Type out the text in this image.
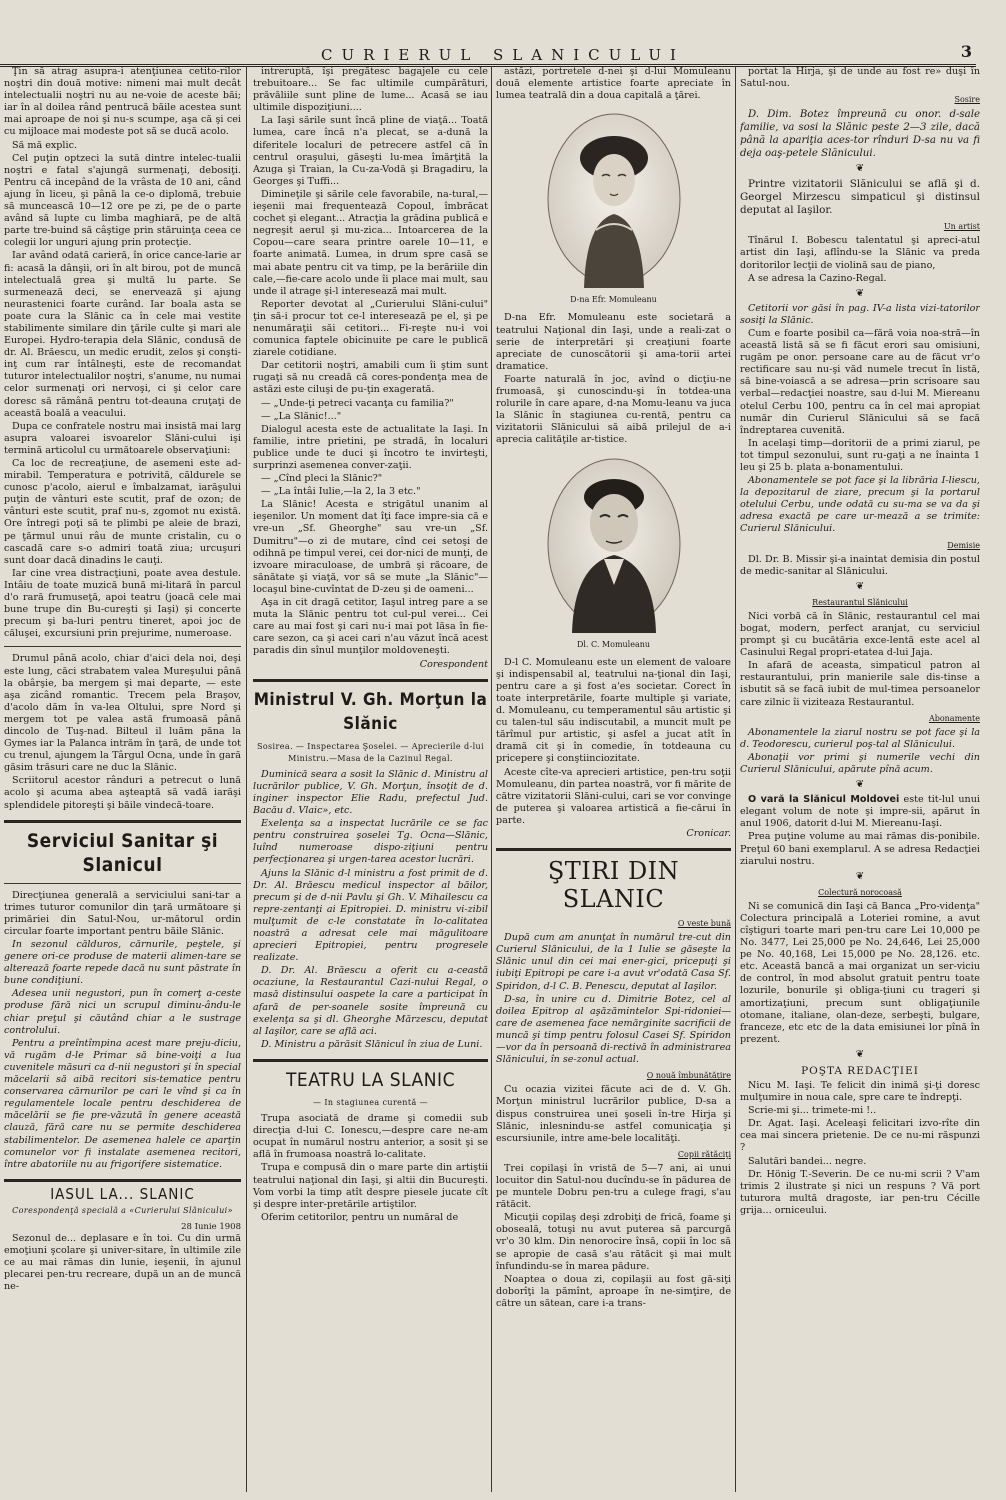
CURIERUL SLANICULUI	3

Ţin să atrag asupra-i atenţiunea cetito-rilor noştri din două motive: nimeni mai mult decât intelectualii noştri nu au ne-voie de aceste băi; iar în al doilea rând pentrucă băile acestea sunt mai aproape de noi şi nu-s scumpe, aşa că şi cei cu mijloace mai modeste pot să se ducă acolo.

Să mă explic.

Cel puţin optzeci la sută dintre intelec-tualii noştri e fatal s'ajungă surmenaţi, debosiţi. Pentru că incepând de la vrâsta de 10 ani, când ajung în liceu, şi până la ce-o diplomă, trebuie să muncească 10—12 ore pe zi, pe de o parte având să lupte cu limba maghiară, pe de altă parte tre-buind să câştige prin stăruinţa ceea ce colegii lor unguri ajung prin protecţie.

Iar având odată carieră, în orice cance-larie ar fi: acasă la dânşii, ori în alt birou, pot de muncă intelectuală grea şi multă lu parte. Se surmenează deci, se enervează şi ajung neurastenici foarte curând. Iar boala asta se poate cura la Slănic ca în cele mai vestite stabilimente similare din ţările culte şi mari ale Europei. Hydro-terapia dela Slănic, condusă de dr. Al. Brăescu, un medic erudit, zelos şi conşti-inţ cum rar întâlneşti, este de recomandat tuturor intelectualilor noştri, s'anume, nu numai celor surmenaţi ori nervoşi, ci şi celor care doresc să rămână pentru tot-deauna cruţaţi de această boală a veacului.

Dupa ce confratele nostru mai insistă mai larg asupra valoarei isvoarelor Slăni-cului işi termină articolul cu următoarele observaţiuni:

Ca loc de recreaţiune, de asemeni este ad-mirabil. Temperatura e potrivită, căldurele se cunosc p'acolo, aierul e îmbalzamat, iarăşului puţin de vânturi este scutit, praf de ozon; de vânturi este scutit, praf nu-s, zgomot nu există. Ore întregi poţi să te plimbi pe aleie de brazi, pe ţărmul unui râu de munte cristalin, cu o cascadă care s-o admiri toată ziua; urcuşuri sunt doar dacă dinadins le cauţi.

Iar cine vrea distracţiuni, poate avea destule. Intâiu de toate muzică bună mi-litară în parcul d'o rară frumuseţă, apoi teatru (joacă cele mai bune trupe din Bu-cureşti şi Iaşi) şi concerte precum şi ba-luri pentru tineret, apoi joc de căluşei, excursiuni prin prejurime, numeroase.

Drumul până acolo, chiar d'aici dela noi, deşi este lung, căci strabatem valea Mureşului până la obârşie, ba mergem şi mai departe, — este aşa zicând romantic. Trecem pela Braşov, d'acolo dăm în va-lea Oltului, spre Nord şi mergem tot pe valea astă frumoasă până dincolo de Tuş-nad. Bilteul il luăm păna la Gymes iar la Palanca intrăm în ţară, de unde tot cu trenul, ajungem la Târgul Ocna, unde în gară găsim trăsuri care ne duc la Slănic.

Scriitorul acestor rânduri a petrecut o lună acolo şi acuma abea aşteaptă să vadă iarăşi splendidele pitoreşti şi băile vindecă-toare.

Serviciul Sanitar şi Slanicul

Direcţiunea generală a serviciului sani-tar a trimes tuturor comunilor din ţară următoare şi primăriei din Satul-Nou, ur-mătorul ordin circular foarte important pentru băile Slănic.

In sezonul călduros, cărnurile, peştele, şi genere ori-ce produse de materii alimen-tare se alterează foarte repede dacă nu sunt păstrate în bune condiţiuni.

Adesea unii negustori, pun în comerţ a-ceste produse fără nici un scrupul diminu-ându-le chiar preţul şi căutând chiar a le sustrage controlului.

Pentru a preîntîmpina acest mare preju-diciu, vă rugăm d-le Primar să bine-voiţi a lua cuvenitele măsuri ca d-nii negustori şi în special măcelarii să aibă recitori sis-tematice pentru conservarea cărnurilor pe cari le vînd şi ca în regulamentele locale pentru deschiderea de măcelării se fie pre-văzută în genere această clauză, fără care nu se permite deschiderea stabilimentelor. De asemenea halele ce aparţin comunelor vor fi instalate asemenea recitori, între abatoriile nu au frigorifere sistematice.

IASUL LA... SLANIC
Corespondenţă specială a «Curierului Slănicului»
28 Iunie 1908

Sezonul de... deplasare e în toi. Cu din urmă emoţiuni şcolare şi univer-sitare, în ultimile zile ce au mai rămas din lunie, ieşenii, în ajunul plecarei pen-tru recreare, după un an de muncă ne-

intreruptă, îşi pregătesc bagajele cu cele trebuitoare... Se fac ultimile cumpărături, prăvăliile sunt pline de lume... Acasă se iau ultimile dispoziţiuni....

La Iaşi sările sunt încă pline de viaţă... Toată lumea, care încă n'a plecat, se a-dună la diferitele localuri de petrecere astfel că în centrul oraşului, găseşti lu-mea îmărţită la Azuga şi Traian, la Cu-za-Vodă şi Bragadiru, la Georges şi Tuffi...

Dimineţile şi sările cele favorabile, na-tural,—ieşenii mai frequentează Copoul, îmbrăcat cochet şi elegant... Atracţia la grădina publică e negreşit aerul şi mu-zica... Intoarcerea de la Copou—care seara printre oarele 10—11, e foarte animată. Lumea, in drum spre casă se mai abate pentru cit va timp, pe la berăriile din cale,—fie-care acolo unde îi place mai mult, sau unde il atrage şi-l interesează mai mult.

Reporter devotat al „Curierului Slăni-cului" ţin să-i procur tot ce-l interesează pe el, şi pe nenumăraţii săi cetitori... Fi-reşte nu-i voi comunica faptele obicinuite pe care le publică ziarele cotidiane.

Dar cetitorii noştri, amabili cum îi ştim sunt rugaţi să nu creadă că cores-pondenţa mea de astăzi este ciluşi de pu-ţin exagerată.

— „Unde-ţi petreci vacanţa cu familia?"

— „La Slănic!..."

Dialogul acesta este de actualitate la Iaşi. In familie, intre prietini, pe stradă, în localuri publice unde te duci şi încotro te invirteşti, surprinzi asemenea conver-zaţii.

— „Cînd pleci la Slănic?"

— „La întâi Iulie,—la 2, la 3 etc."

La Slănic! Acesta e strigătul unanim al ieşenilor. Un moment dat îţi face impre-sia că e vre-un „Sf. Gheorghe" sau vre-un „Sf. Dumitru"—o zi de mutare, cînd cei setoşi de odihnă pe timpul verei, cei dor-nici de munţi, de izvoare miraculoase, de umbră şi răcoare, de sănătate şi viaţă, vor să se mute „la Slănic"—locaşul bine-cuvîntat de D-zeu şi de oameni...

Aşa in cit dragă cetitor, Iaşul intreg pare a se muta la Slănic pentru tot cul-pul verei... Cei care au mai fost şi cari nu-i mai pot lăsa în fie-care sezon, ca şi acei cari n'au văzut încă acest paradis din sînul munţilor moldoveneşti.

Corespondent
Ministrul V. Gh. Morţun la Slănic
Sosirea. — Inspectarea Şoselei. — Aprecierile d-lui Ministru.—Masa de la Cazinul Regal.

Duminică seara a sosit la Slănic d. Ministru al lucrărilor publice, V. Gh. Morţun, însoţit de d. inginer inspector Elie Radu, prefectul Jud. Bacău d. Vlaic», etc.

Exelenţa sa a inspectat lucrările ce se fac pentru construirea şoselei Tg. Ocna—Slănic, luînd numeroase dispo-ziţiuni pentru perfecţionarea şi urgen-tarea acestor lucrări.

Ajuns la Slănic d-l ministru a fost primit de d. Dr. Al. Brăescu medicul inspector al băilor, precum şi de d-nii Pavlu şi Gh. V. Mihailescu ca repre-zentanţi ai Epitropiei. D. ministru vi-zibil mulţumit de c-le constatate în lo-calitatea noastră a adresat cele mai măgulitoare aprecieri Epitropiei, pentru progresele realizate.

D. Dr. Al. Brăescu a oferit cu a-ceastă ocaziune, la Restaurantul Cazi-nului Regal, o masă distinsului oaspete la care a participat în afară de per-soanele sosite împreună cu exelenţa sa şi dl. Gheorghe Mărzescu, deputat al Iaşilor, care se află aci.

D. Ministru a părăsit Slănicul în ziua de Luni.

TEATRU LA SLANIC
— In stagiunea curentă —

Trupa asociată de drame şi comedii sub direcţia d-lui C. Ionescu,—despre care ne-am ocupat în numărul nostru anterior, a sosit şi se află în frumoasa noastră lo-calitate.

Trupa e compusă din o mare parte din artiştii teatrului naţional din Iaşi, şi altii din Bucureşti. Vom vorbi la timp atît despre piesele jucate cît şi despre inter-pretările artiştilor.

Oferim cetitorilor, pentru un număral de

astăzi, portretele d-nei şi d-lui Momuleanu două elemente artistice foarte apreciate în lumea teatrală din a doua capitală a ţărei.

D-na Efr. Momuleanu

D-na Efr. Momuleanu este societară a teatrului Naţional din Iaşi, unde a reali-zat o serie de interpretări şi creaţiuni foarte apreciate de cunoscătorii şi ama-torii artei dramatice.

Foarte naturală în joc, avînd o dicţiu-ne frumoasă, şi cunoscindu-şi în totdea-una rolurile în care apare, d-na Momu-leanu va juca la Slănic în stagiunea cu-rentă, pentru ca vizitatorii Slănicului să aibă prilejul de a-i aprecia calităţile ar-tistice.

Dl. C. Momuleanu

D-l C. Momuleanu este un element de valoare şi indispensabil al, teatrului na-ţional din Iaşi, pentru care a şi fost a'es societar. Corect în toate interpretările, foarte multiple şi variate, d. Momuleanu, cu temperamentul său artistic şi cu talen-tul său indiscutabil, a muncit mult pe tărîmul pur artistic, şi asfel a jucat atît în dramă cit şi în comedie, în totdeauna cu pricepere şi conştiinciozitate.

Aceste cîte-va aprecieri artistice, pen-tru soţii Momuleanu, din partea noastră, vor fi mărite de către vizitatorii Slăni-cului, cari se vor convinge de puterea şi valoarea artistică a fie-cărui în parte.

Cronicar.
ŞTIRI DIN SLANIC
O veste bună

După cum am anunţat în numărul tre-cut din Curierul Slănicului, de la 1 Iulie se găseşte la Slănic unul din cei mai ener-gici, pricepuţi şi iubiţi Epitropi pe care i-a avut vr'odată Casa Sf. Spiridon, d-l C. B. Penescu, deputat al Iaşilor.

D-sa, în unire cu d. Dimitrie Botez, cel al doilea Epitrop al aşăzămintelor Spi-ridoniei—care de asemenea face nemărginite sacrificii de muncă şi timp pentru folosul Casei Sf. Spiridon—vor da în persoană di-rectivă în administrarea Slănicului, în se-zonul actual.

O nouă îmbunătăţire

Cu ocazia vizitei făcute aci de d. V. Gh. Morţun ministrul lucrărilor publice, D-sa a dispus construirea unei şoseli în-tre Hirja şi Slănic, inlesnindu-se astfel comunicaţia şi escursiunile, intre ame-bele localităţi.

Copii rătăciţi

Trei copilaşi în vristă de 5—7 ani, ai unui locuitor din Satul-nou ducîndu-se în pădurea de pe muntele Dobru pen-tru a culege fragi, s'au rătăcit.

Micuţii copilaş deşi zdrobiţi de frică, foame şi oboseală, totuşi nu avut puterea să parcurgă vr'o 30 klm. Din nenorocire însă, copii în loc să se apropie de casă s'au rătăcit şi mai mult înfundindu-se în marea pădure.

Noaptea o doua zi, copilaşii au fost gă-siţi doborîţi la pămînt, aproape în ne-simţire, de către un sătean, care i-a trans-

portat la Hirja, şi de unde au fost re» duşi în Satul-nou.

Sosire

D. Dim. Botez împreună cu onor. d-sale familie, va sosi la Slănic peste 2—3 zile, dacă până la apariţia aces-tor rînduri D-sa nu va fi deja oaş-petele Slănicului.

❦

Printre vizitatorii Slănicului se află şi d. Georgel Mirzescu simpaticul şi distinsul deputat al Iaşilor.

Un artist

Tînărul I. Bobescu talentatul şi apreci-atul artist din Iaşi, aflîndu-se la Slănic va preda doritorilor lecţii de violină sau de piano,

A se adresa la Cazino-Regal.

❦

Cetitorii vor găsi în pag. IV-a lista vizi-tatorilor sosiţi la Slănic.

Cum e foarte posibil ca—fără voia noa-stră—în această listă să se fi făcut erori sau omisiuni, rugăm pe onor. persoane care au de făcut vr'o rectificare sau nu-şi văd numele trecut în listă, să bine-voiască a se adresa—prin scrisoare sau verbal—redacţiei noastre, sau d-lui M. Miereanu otelul Cerbu 100, pentru ca în cel mai apropiat număr din Curierul Slănicului să se facă îndreptarea cuvenită.

In acelaşi timp—doritorii de a primi ziarul, pe tot timpul sezonului, sunt ru-gaţi a ne înainta 1 leu şi 25 b. plata a-bonamentului.

Abonamentele se pot face şi la librăria I-liescu, la depozitarul de ziare, precum şi la portarul otelului Cerbu, unde odată cu su-ma se va da şi adresa exactă pe care ur-mează a se trimite: Curierul Slănicului.

Demisie

Dl. Dr. B. Missir şi-a inaintat demisia din postul de medic-sanitar al Slănicului.

❦
Restaurantul Slănicului

Nici vorbă că în Slănic, restaurantul cel mai bogat, modern, perfect aranjat, cu serviciul prompt şi cu bucătăria exce-lentă este acel al Casinului Regal propri-etatea d-lui Jaja.

In afară de aceasta, simpaticul patron al restaurantului, prin manierile sale dis-tinse a isbutit să se facă iubit de mul-timea persoanelor care zilnic îi viziteaza Restaurantul.

Abonamente

Abonamentele la ziarul nostru se pot face şi la d. Teodorescu, curierul poş-tal al Slănicului.

Abonaţii vor primi şi numerile vechi din Curierul Slănicului, apărute pînă acum.

❦

O vară la Slănicul Moldovei este tit-lul unui elegant volum de note şi impre-sii, apărut în anul 1906, datorit d-lui M. Miereanu-Iaşi.

Prea puţine volume au mai rămas dis-ponibile. Preţul 60 bani exemplarul. A se adresa Redacţiei ziarului nostru.

❦
Colectură norocoasă

Ni se comunică din Iaşi că Banca „Pro-videnţa" Colectura principală a Loteriei romine, a avut cîştiguri toarte mari pen-tru care Lei 10,000 pe No. 3477, Lei 25,000 pe No. 24,646, Lei 25,000 pe No. 40,168, Lei 15,000 pe No. 28,126. etc. etc. Această bancă a mai organizat un ser-viciu de control, în mod absolut gratuit pentru toate lozurile, bonurile şi obliga-ţiuni cu trageri şi amortizaţiuni, precum sunt obligaţiunile otomane, italiane, olan-deze, serbeşti, bulgare, franceze, etc etc de la data emisiunei lor pînă în prezent.

❦
POŞTA REDACŢIEI

Nicu M. Iaşi. Te felicit din inimă şi-ţi doresc mulţumire in noua cale, spre care te îndrepţi.

Scrie-mi şi... trimete-mi !..

Dr. Agat. Iaşi. Aceleaşi felicitari izvo-rîte din cea mai sincera prietenie. De ce nu-mi răspunzi ?

Salutări bandei... negre.

Dr. Hönig T.-Severin. De ce nu-mi scrii ? V'am trimis 2 ilustrate şi nici un respuns ? Vă port tuturora multă dragoste, iar pen-tru Cécille grija... orniceului.
